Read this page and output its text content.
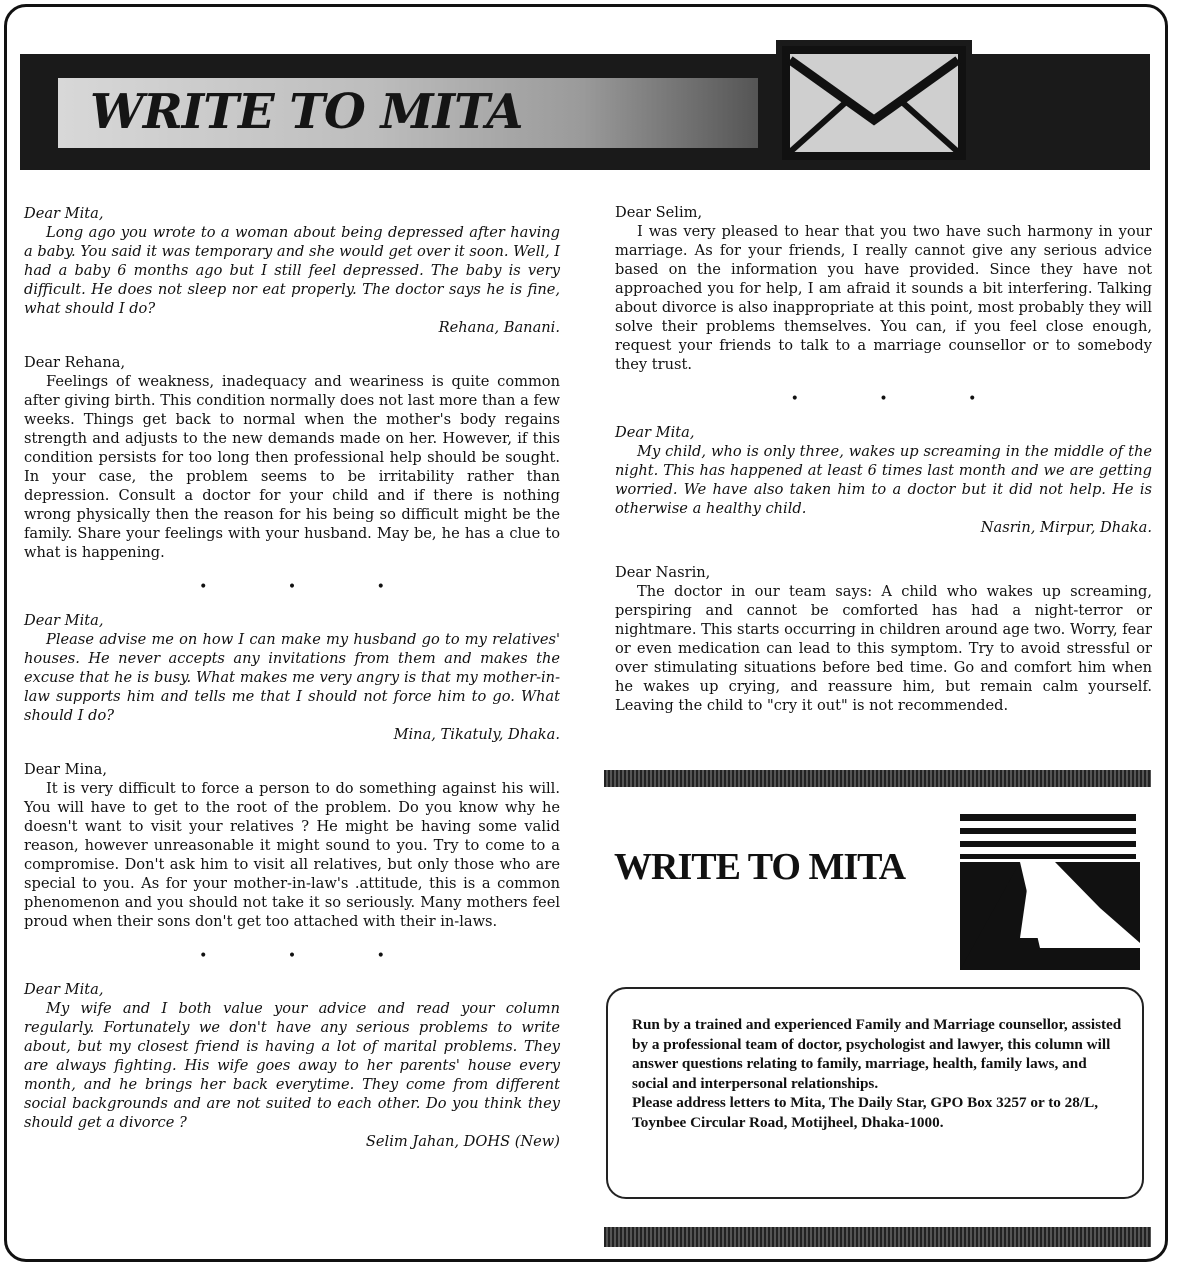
WRITE TO MITA
Dear Mita,
Long ago you wrote to a woman about being depressed after having a baby. You said it was temporary and she would get over it soon. Well, I had a baby 6 months ago but I still feel depressed. The baby is very difficult. He does not sleep nor eat properly. The doctor says he is fine, what should I do?
Rehana, Banani.
Dear Rehana,
Feelings of weakness, inadequacy and weariness is quite common after giving birth. This condition normally does not last more than a few weeks. Things get back to normal when the mother's body regains strength and adjusts to the new demands made on her. However, if this condition persists for too long then professional help should be sought. In your case, the problem seems to be irritability rather than depression. Consult a doctor for your child and if there is nothing wrong physically then the reason for his being so difficult might be the family. Share your feelings with your husband. May be, he has a clue to what is happening.
• • •
Dear Mita,
Please advise me on how I can make my husband go to my relatives' houses. He never accepts any invitations from them and makes the excuse that he is busy. What makes me very angry is that my mother-in-law supports him and tells me that I should not force him to go. What should I do?
Mina, Tikatuly, Dhaka.
Dear Mina,
It is very difficult to force a person to do something against his will. You will have to get to the root of the problem. Do you know why he doesn't want to visit your relatives ? He might be having some valid reason, however unreasonable it might sound to you. Try to come to a compromise. Don't ask him to visit all relatives, but only those who are special to you. As for your mother-in-law's .attitude, this is a common phenomenon and you should not take it so seriously. Many mothers feel proud when their sons don't get too attached with their in-laws.
• • •
Dear Mita,
My wife and I both value your advice and read your column regularly. Fortunately we don't have any serious problems to write about, but my closest friend is having a lot of marital problems. They are always fighting. His wife goes away to her parents' house every month, and he brings her back everytime. They come from different social backgrounds and are not suited to each other. Do you think they should get a divorce ?
Selim Jahan, DOHS (New)
Dear Selim,
I was very pleased to hear that you two have such harmony in your marriage. As for your friends, I really cannot give any serious advice based on the information you have provided. Since they have not approached you for help, I am afraid it sounds a bit interfering. Talking about divorce is also inappropriate at this point, most probably they will solve their problems themselves. You can, if you feel close enough, request your friends to talk to a marriage counsellor or to somebody they trust.
• • •
Dear Mita,
My child, who is only three, wakes up screaming in the middle of the night. This has happened at least 6 times last month and we are getting worried. We have also taken him to a doctor but it did not help. He is otherwise a healthy child.
Nasrin, Mirpur, Dhaka.
Dear Nasrin,
The doctor in our team says: A child who wakes up screaming, perspiring and cannot be comforted has had a night-terror or nightmare. This starts occurring in children around age two. Worry, fear or even medication can lead to this symptom. Try to avoid stressful or over stimulating situations before bed time. Go and comfort him when he wakes up crying, and reassure him, but remain calm yourself. Leaving the child to "cry it out" is not recommended.
WRITE TO MITA
Run by a trained and experienced Family and Marriage counsellor, assisted by a professional team of doctor, psychologist and lawyer, this column will answer questions relating to family, marriage, health, family laws, and social and interpersonal relationships.
Please address letters to Mita, The Daily Star, GPO Box 3257 or to 28/L, Toynbee Circular Road, Motijheel, Dhaka-1000.
